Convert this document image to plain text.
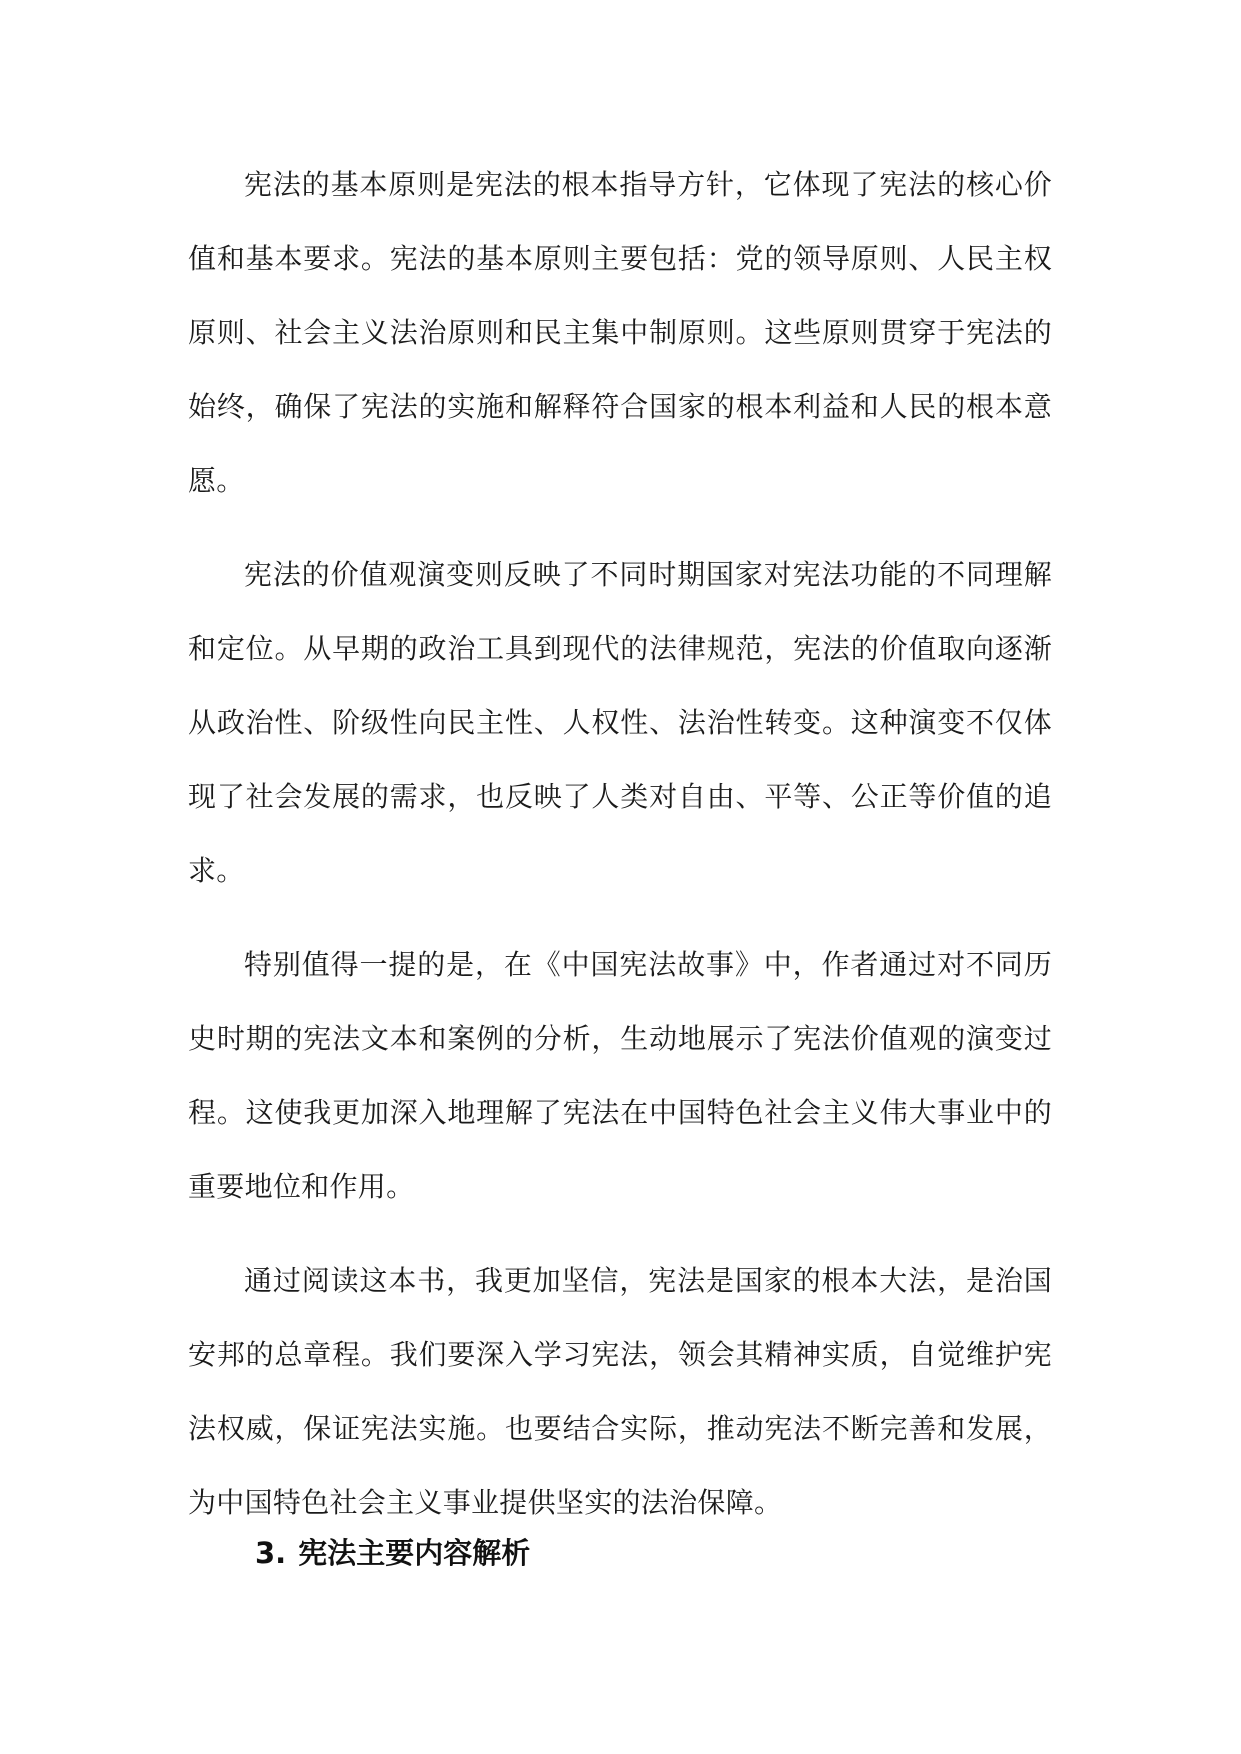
宪法的基本原则是宪法的根本指导方针，它体现了宪法的核心价值和基本要求。宪法的基本原则主要包括：党的领导原则、人民主权原则、社会主义法治原则和民主集中制原则。这些原则贯穿于宪法的始终，确保了宪法的实施和解释符合国家的根本利益和人民的根本意愿。

宪法的价值观演变则反映了不同时期国家对宪法功能的不同理解和定位。从早期的政治工具到现代的法律规范，宪法的价值取向逐渐从政治性、阶级性向民主性、人权性、法治性转变。这种演变不仅体现了社会发展的需求，也反映了人类对自由、平等、公正等价值的追求。

特别值得一提的是，在《中国宪法故事》中，作者通过对不同历史时期的宪法文本和案例的分析，生动地展示了宪法价值观的演变过程。这使我更加深入地理解了宪法在中国特色社会主义伟大事业中的重要地位和作用。

通过阅读这本书，我更加坚信，宪法是国家的根本大法，是治国安邦的总章程。我们要深入学习宪法，领会其精神实质，自觉维护宪法权威，保证宪法实施。也要结合实际，推动宪法不断完善和发展，为中国特色社会主义事业提供坚实的法治保障。

3. 宪法主要内容解析
